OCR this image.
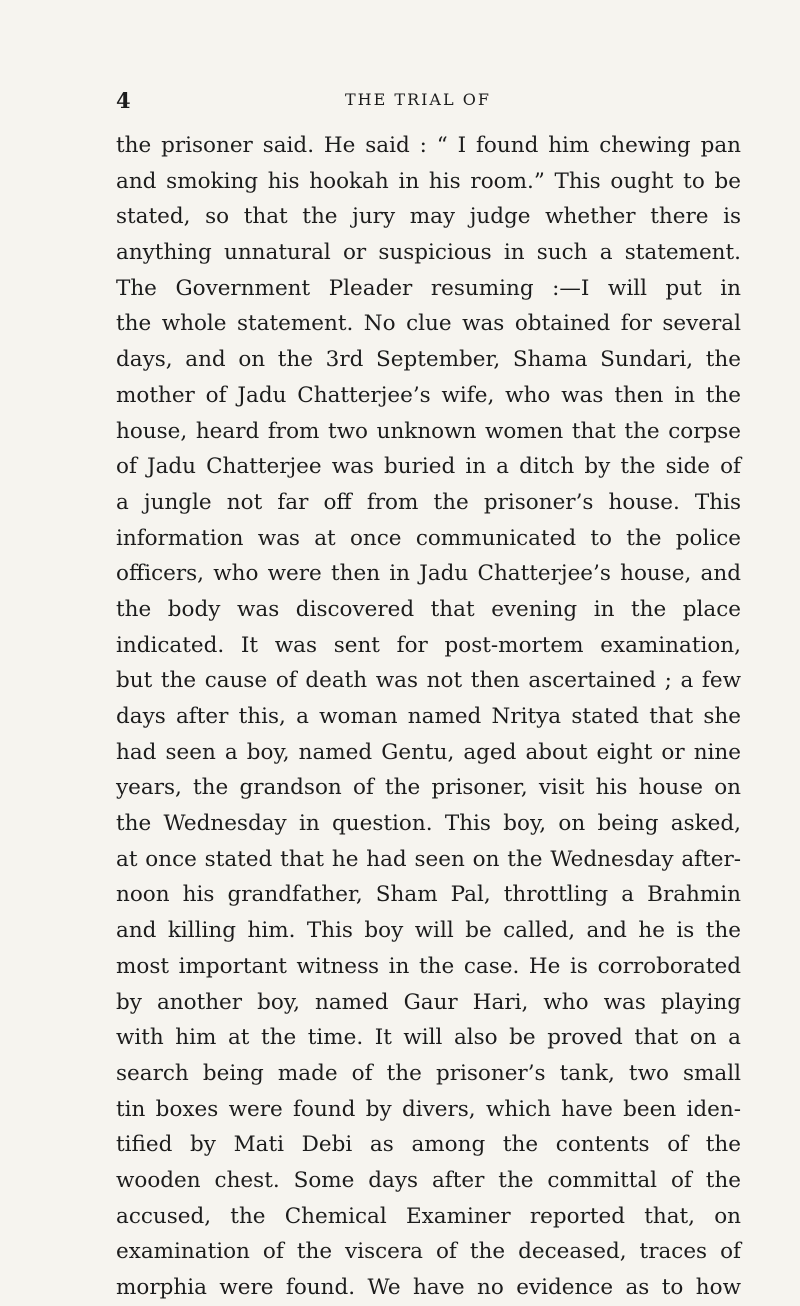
4	THE TRIAL OF
the prisoner said. He said : “ I found him chewing pan
and smoking his hookah in his room.” This ought to be
stated, so that the jury may judge whether there is
anything unnatural or suspicious in such a statement.
The Government Pleader resuming :—I will put in
the whole statement. No clue was obtained for several
days, and on the 3rd September, Shama Sundari, the
mother of Jadu Chatterjee’s wife, who was then in the
house, heard from two unknown women that the corpse
of Jadu Chatterjee was buried in a ditch by the side of
a jungle not far off from the prisoner’s house. This
information was at once communicated to the police
officers, who were then in Jadu Chatterjee’s house, and
the body was discovered that evening in the place
indicated. It was sent for post-mortem examination,
but the cause of death was not then ascertained ; a few
days after this, a woman named Nritya stated that she
had seen a boy, named Gentu, aged about eight or nine
years, the grandson of the prisoner, visit his house on
the Wednesday in question. This boy, on being asked,
at once stated that he had seen on the Wednesday after-
noon his grandfather, Sham Pal, throttling a Brahmin
and killing him. This boy will be called, and he is the
most important witness in the case. He is corroborated
by another boy, named Gaur Hari, who was playing
with him at the time. It will also be proved that on a
search being made of the prisoner’s tank, two small
tin boxes were found by divers, which have been iden-
tified by Mati Debi as among the contents of the
wooden chest. Some days after the committal of the
accused, the Chemical Examiner reported that, on
examination of the viscera of the deceased, traces of
morphia were found. We have no evidence as to how
